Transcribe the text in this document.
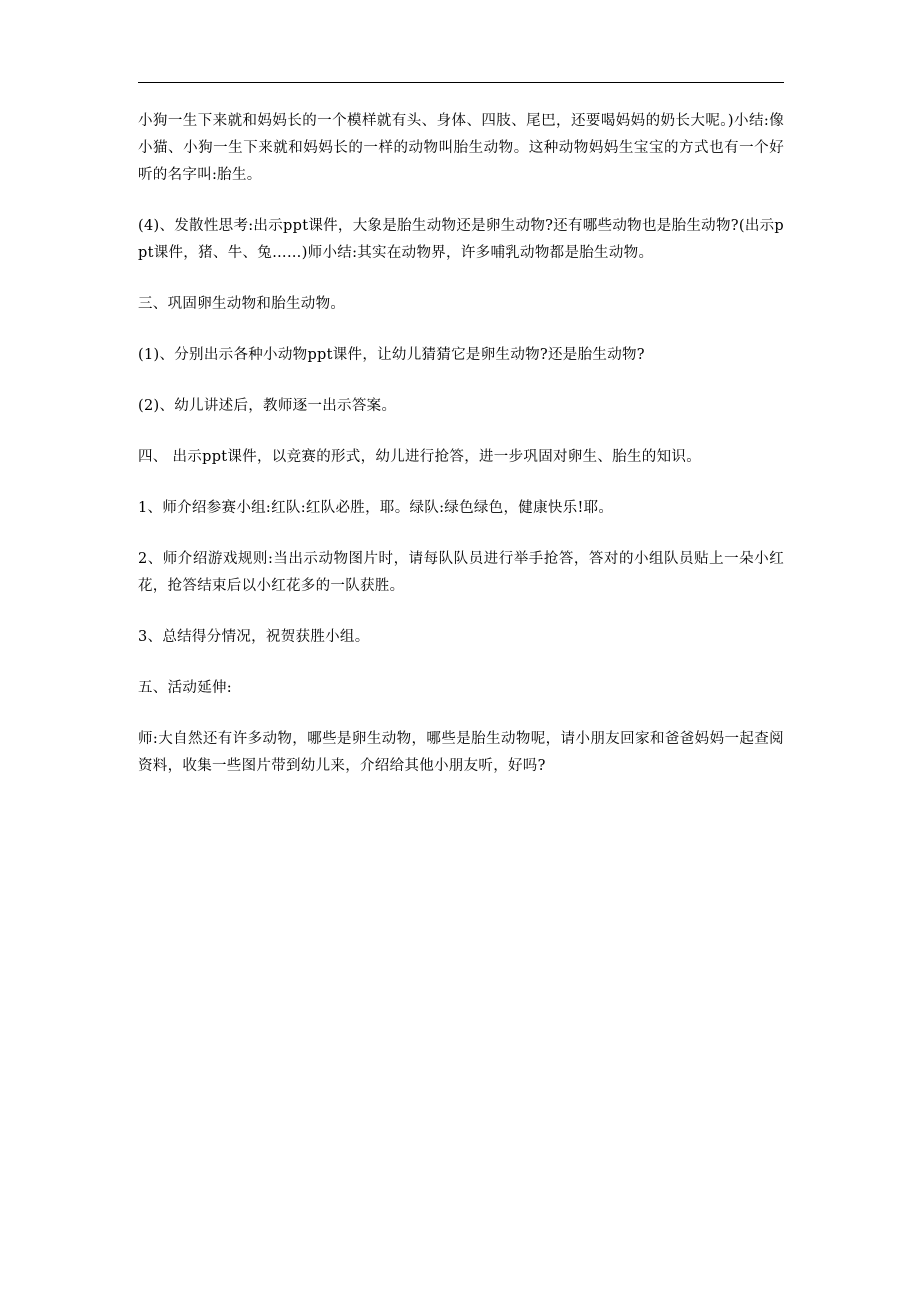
小狗一生下来就和妈妈长的一个模样就有头、身体、四肢、尾巴，还要喝妈妈的奶长大呢。)小结:像小猫、小狗一生下来就和妈妈长的一样的动物叫胎生动物。这种动物妈妈生宝宝的方式也有一个好听的名字叫:胎生。

(4)、发散性思考:出示ppt课件，大象是胎生动物还是卵生动物?还有哪些动物也是胎生动物?(出示ppt课件，猪、牛、兔……)师小结:其实在动物界，许多哺乳动物都是胎生动物。

三、巩固卵生动物和胎生动物。

(1)、分别出示各种小动物ppt课件，让幼儿猜猜它是卵生动物?还是胎生动物?

(2)、幼儿讲述后，教师逐一出示答案。

四、 出示ppt课件，以竞赛的形式，幼儿进行抢答，进一步巩固对卵生、胎生的知识。

1、师介绍参赛小组:红队:红队必胜，耶。绿队:绿色绿色，健康快乐!耶。

2、师介绍游戏规则:当出示动物图片时，请每队队员进行举手抢答，答对的小组队员贴上一朵小红花，抢答结束后以小红花多的一队获胜。

3、总结得分情况，祝贺获胜小组。

五、活动延伸:

师:大自然还有许多动物，哪些是卵生动物，哪些是胎生动物呢，请小朋友回家和爸爸妈妈一起查阅资料，收集一些图片带到幼儿来，介绍给其他小朋友听，好吗?
